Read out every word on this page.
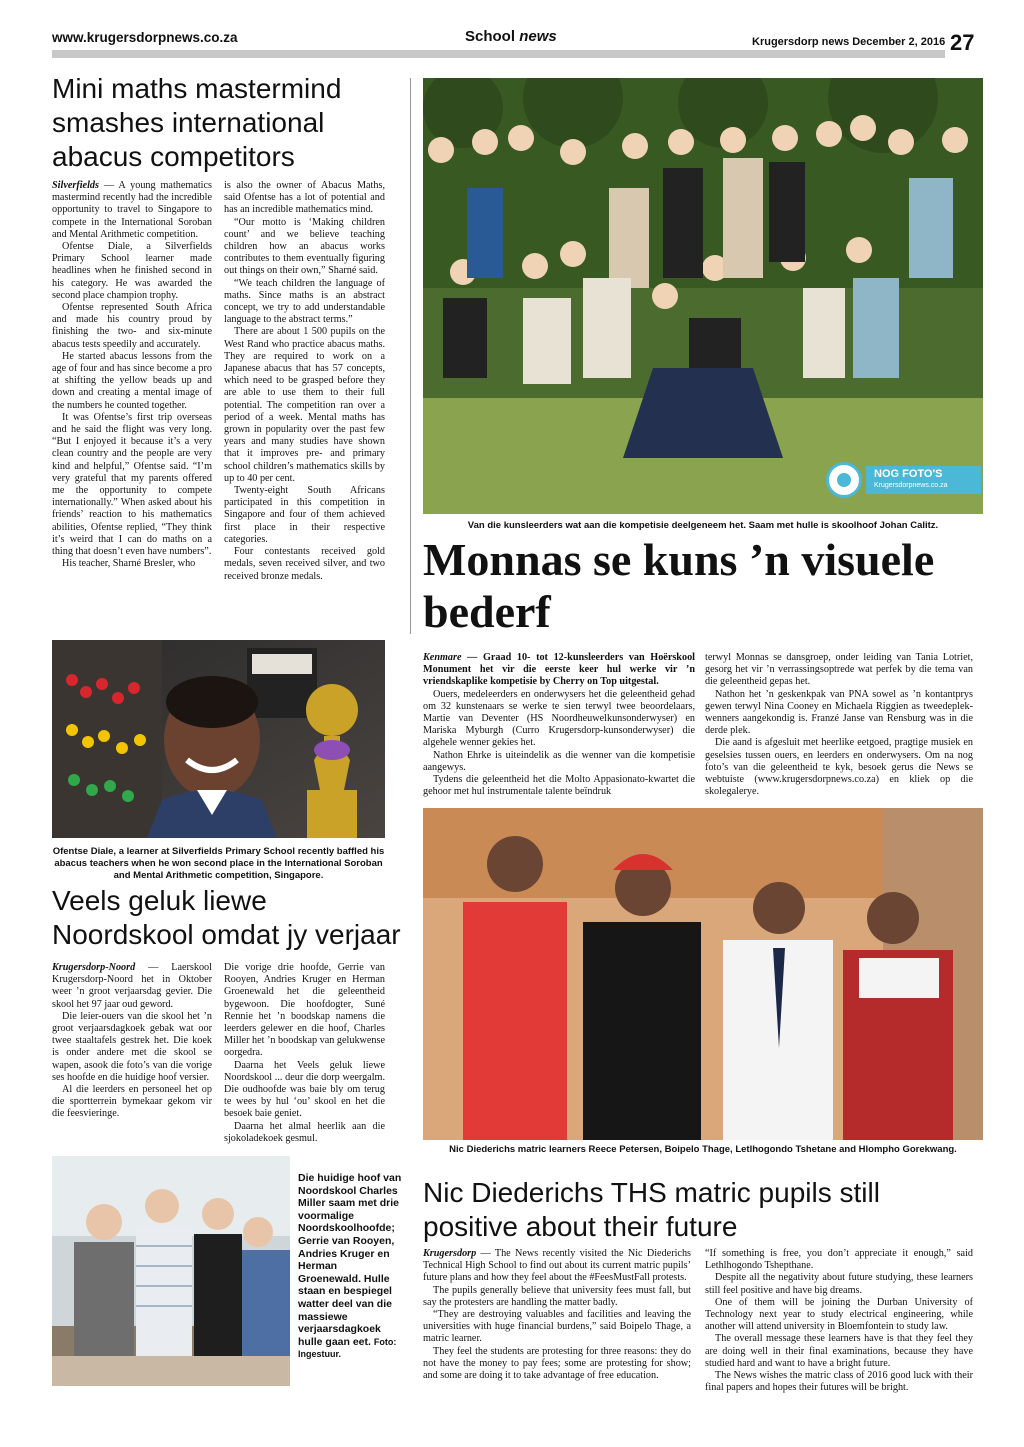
www.krugersdorpnews.co.za	School news	Krugersdorp news December 2, 2016 27
Mini maths mastermind smashes international abacus competitors

Silverfields — A young mathematics mastermind recently had the incredible opportunity to travel to Singapore to compete in the International Soroban and Mental Arithmetic competition.

Ofentse Diale, a Silverfields Primary School learner made headlines when he finished second in his category. He was awarded the second place champion trophy.

Ofentse represented South Africa and made his country proud by finishing the two- and six-minute abacus tests speedily and accurately.

He started abacus lessons from the age of four and has since become a pro at shifting the yellow beads up and down and creating a mental image of the numbers he counted together.

It was Ofentse’s first trip overseas and he said the flight was very long. “But I enjoyed it because it’s a very clean country and the people are very kind and helpful,” Ofentse said. “I’m very grateful that my parents offered me the opportunity to compete internationally.” When asked about his friends’ reaction to his mathematics abilities, Ofentse replied, “They think it’s weird that I can do maths on a thing that doesn’t even have numbers”.

His teacher, Sharné Bresler, who

is also the owner of Abacus Maths, said Ofentse has a lot of potential and has an incredible mathematics mind.

“Our motto is ‘Making children count’ and we believe teaching children how an abacus works contributes to them eventually figuring out things on their own,” Sharné said.

“We teach children the language of maths. Since maths is an abstract concept, we try to add understandable language to the abstract terms.”

There are about 1 500 pupils on the West Rand who practice abacus maths. They are required to work on a Japanese abacus that has 57 concepts, which need to be grasped before they are able to use them to their full potential. The competition ran over a period of a week. Mental maths has grown in popularity over the past few years and many studies have shown that it improves pre- and primary school children’s mathematics skills by up to 40 per cent.

Twenty-eight South Africans participated in this competition in Singapore and four of them achieved first place in their respective categories.

Four contestants received gold medals, seven received silver, and two received bronze medals.

Ofentse Diale, a learner at Silverfields Primary School recently baffled his abacus teachers when he won second place in the International Soroban and Mental Arithmetic competition, Singapore.
NOG FOTO'S
Krugersdorpnews.co.za
Van die kunsleerders wat aan die kompetisie deelgeneem het. Saam met hulle is skoolhoof Johan Calitz.
Monnas se kuns ’n visuele bederf

Kenmare — Graad 10- tot 12-kunsleerders van Hoërskool Monument het vir die eerste keer hul werke vir ’n vriendskaplike kompetisie by Cherry on Top uitgestal.

Ouers, medeleerders en onderwysers het die geleentheid gehad om 32 kunstenaars se werke te sien terwyl twee beoordelaars, Martie van Deventer (HS Noordheuwelkunsonderwyser) en Mariska Myburgh (Curro Krugersdorp-kunsonderwyser) die algehele wenner gekies het.

Nathon Ehrke is uiteindelik as die wenner van die kompetisie aangewys.

Tydens die geleentheid het die Molto Appasionato-kwartet die gehoor met hul instrumentale talente beïndruk

terwyl Monnas se dansgroep, onder leiding van Tania Lotriet, gesorg het vir ’n verrassingsoptrede wat perfek by die tema van die geleentheid gepas het.

Nathon het ’n geskenkpak van PNA sowel as ’n kontantprys gewen terwyl Nina Cooney en Michaela Riggien as tweedeplek-wenners aangekondig is. Franzé Janse van Rensburg was in die derde plek.

Die aand is afgesluit met heerlike eetgoed, pragtige musiek en geselsies tussen ouers, en leerders en onderwysers. Om na nog foto’s van die geleentheid te kyk, besoek gerus die News se webtuiste (www.krugersdorpnews.co.za) en kliek op die skolegalerye.

Veels geluk liewe Noordskool omdat jy verjaar

Krugersdorp-Noord — Laerskool Krugersdorp-Noord het in Oktober weer ’n groot verjaarsdag gevier. Die skool het 97 jaar oud geword.

Die leier-ouers van die skool het ’n groot verjaarsdagkoek gebak wat oor twee staaltafels gestrek het. Die koek is onder andere met die skool se wapen, asook die foto’s van die vorige ses hoofde en die huidige hoof versier.

Al die leerders en personeel het op die sportterrein bymekaar gekom vir die feesvieringe.

Die vorige drie hoofde, Gerrie van Rooyen, Andries Kruger en Herman Groenewald het die geleentheid bygewoon. Die hoofdogter, Suné Rennie het ’n boodskap namens die leerders gelewer en die hoof, Charles Miller het ’n boodskap van gelukwense oorgedra.

Daarna het Veels geluk liewe Noordskool ... deur die dorp weergalm. Die oudhoofde was baie bly om terug te wees by hul ‘ou’ skool en het die besoek baie geniet.

Daarna het almal heerlik aan die sjokoladekoek gesmul.

Die huidige hoof van Noordskool Charles Miller saam met drie voormalige Noordskoolhoofde; Gerrie van Rooyen, Andries Kruger en Herman Groenewald. Hulle staan en bespiegel watter deel van die massiewe verjaarsdagkoek hulle gaan eet. Foto: Ingestuur.
Nic Diederichs matric learners Reece Petersen, Boipelo Thage, Letlhogondo Tshetane and Hlompho Gorekwang.
Nic Diederichs THS matric pupils still positive about their future

Krugersdorp — The News recently visited the Nic Diederichs Technical High School to find out about its current matric pupils’ future plans and how they feel about the #FeesMustFall protests.

The pupils generally believe that university fees must fall, but say the protesters are handling the matter badly.

“They are destroying valuables and facilities and leaving the universities with huge financial burdens,” said Boipelo Thage, a matric learner.

They feel the students are protesting for three reasons: they do not have the money to pay fees; some are protesting for show; and some are doing it to take advantage of free education.

“If something is free, you don’t appreciate it enough,” said Lethlhogondo Tshepthane.

Despite all the negativity about future studying, these learners still feel positive and have big dreams.

One of them will be joining the Durban University of Technology next year to study electrical engineering, while another will attend university in Bloemfontein to study law.

The overall message these learners have is that they feel they are doing well in their final examinations, because they have studied hard and want to have a bright future.

The News wishes the matric class of 2016 good luck with their final papers and hopes their futures will be bright.
